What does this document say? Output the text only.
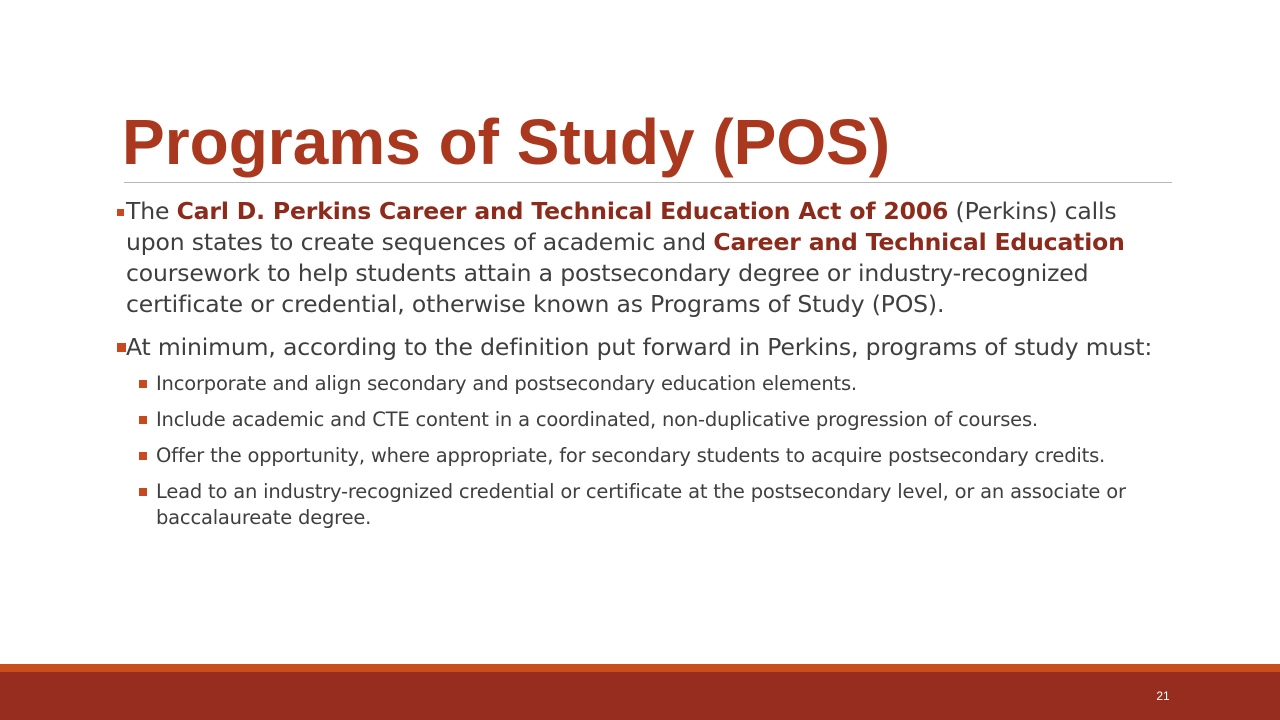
Programs of Study (POS)

The Carl D. Perkins Career and Technical Education Act of 2006 (Perkins) calls upon states to create sequences of academic and Career and Technical Education coursework to help students attain a postsecondary degree or industry-recognized certificate or credential, otherwise known as Programs of Study (POS).

At minimum, according to the definition put forward in Perkins, programs of study must:

Incorporate and align secondary and postsecondary education elements.

Include academic and CTE content in a coordinated, non-duplicative progression of courses.

Offer the opportunity, where appropriate, for secondary students to acquire postsecondary credits.

Lead to an industry-recognized credential or certificate at the postsecondary level, or an associate or baccalaureate degree.

21
